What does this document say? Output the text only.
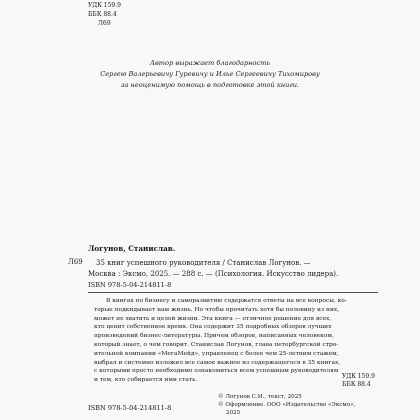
УДК 159.9
ББК 88.4
Л69
Автор выражает благодарность
Сергею Валерьевичу Гуревичу и Илье Сергеевичу Тихомирову
за неоценимую помощь в подготовке этой книги.
Логунов, Станислав.
Л69	35 книг успешного руководителя / Станислав Логунов. —
Москва : Эксмо, 2025. — 288 с. — (Психология. Искусство лидера).
ISBN 978-5-04-214811-8
В книгах по бизнесу и саморазвитию содержатся ответы на все вопросы, ко-
торые подкидывает нам жизнь. Но чтобы прочитать хотя бы половину из них,
может не хватить и целой жизни. Эта книга — отличное решение для всех,
кто ценит собственное время. Она содержит 35 подробных обзоров лучших
произведений бизнес-литературы. Причем обзоров, написанных человеком,
который знает, о чем говорит. Станислав Логунов, глава петербургской стро-
ительной компании «МегаМейд», управленец с более чем 25-летним стажем,
выбрал и системно изложил все самое важное из содержащегося в 35 книгах,
с которыми просто необходимо ознакомиться всем успешным руководителям
и тем, кто собирается ими стать.
УДК 159.9
ББК 88.4
© Логунов С.И., текст, 2025
© Оформление. ООО «Издательство «Эксмо»,
2025
ISBN 978-5-04-214811-8
